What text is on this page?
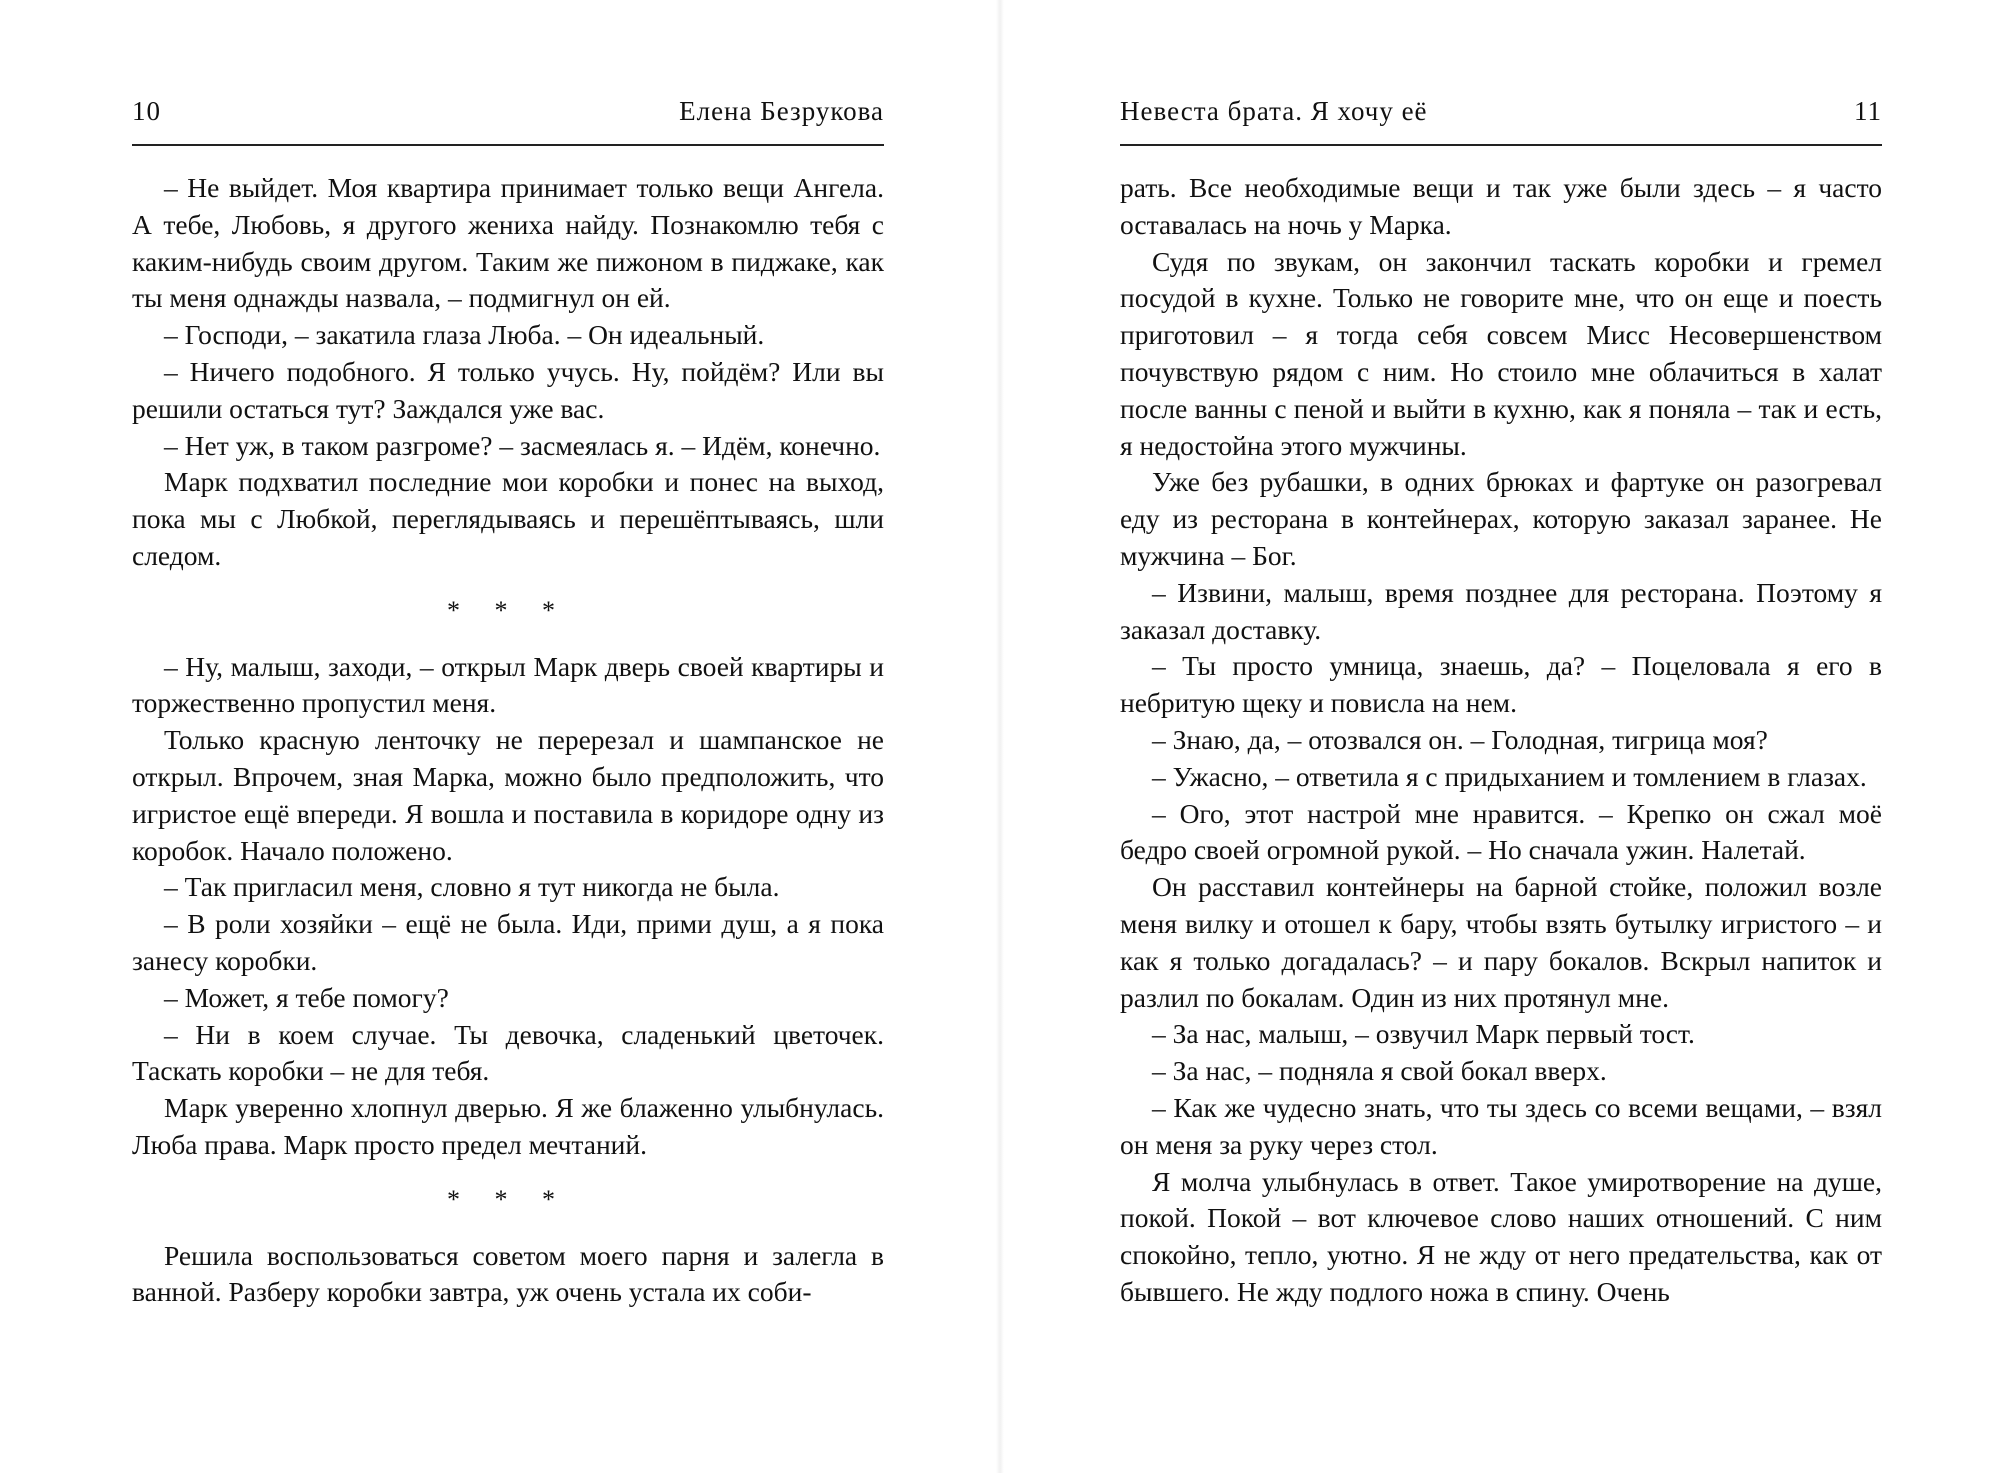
10	Елена Безрукова

– Не выйдет. Моя квартира принимает только вещи Ангела. А тебе, Любовь, я другого жениха найду. Познакомлю тебя с каким-нибудь своим другом. Таким же пижоном в пиджаке, как ты меня однажды назвала, – подмигнул он ей.

– Господи, – закатила глаза Люба. – Он идеальный.

– Ничего подобного. Я только учусь. Ну, пойдём? Или вы решили остаться тут? Заждался уже вас.

– Нет уж, в таком разгроме? – засмеялась я. – Идём, конечно.

Марк подхватил последние мои коробки и понес на выход, пока мы с Любкой, переглядываясь и перешёптываясь, шли следом.

* * *

– Ну, малыш, заходи, – открыл Марк дверь своей квартиры и торжественно пропустил меня.

Только красную ленточку не перерезал и шампанское не открыл. Впрочем, зная Марка, можно было предположить, что игристое ещё впереди. Я вошла и поставила в коридоре одну из коробок. Начало положено.

– Так пригласил меня, словно я тут никогда не была.

– В роли хозяйки – ещё не была. Иди, прими душ, а я пока занесу коробки.

– Может, я тебе помогу?

– Ни в коем случае. Ты девочка, сладенький цветочек. Таскать коробки – не для тебя.

Марк уверенно хлопнул дверью. Я же блаженно улыбнулась. Люба права. Марк просто предел мечтаний.

* * *

Решила воспользоваться советом моего парня и залегла в ванной. Разберу коробки завтра, уж очень устала их соби-

Невеста брата. Я хочу её	11

рать. Все необходимые вещи и так уже были здесь – я часто оставалась на ночь у Марка.

Судя по звукам, он закончил таскать коробки и гремел посудой в кухне. Только не говорите мне, что он еще и поесть приготовил – я тогда себя совсем Мисс Несовершенством почувствую рядом с ним. Но стоило мне облачиться в халат после ванны с пеной и выйти в кухню, как я поняла – так и есть, я недостойна этого мужчины.

Уже без рубашки, в одних брюках и фартуке он разогревал еду из ресторана в контейнерах, которую заказал заранее. Не мужчина – Бог.

– Извини, малыш, время позднее для ресторана. Поэтому я заказал доставку.

– Ты просто умница, знаешь, да? – Поцеловала я его в небритую щеку и повисла на нем.

– Знаю, да, – отозвался он. – Голодная, тигрица моя?

– Ужасно, – ответила я с придыханием и томлением в глазах.

– Ого, этот настрой мне нравится. – Крепко он сжал моё бедро своей огромной рукой. – Но сначала ужин. Налетай.

Он расставил контейнеры на барной стойке, положил возле меня вилку и отошел к бару, чтобы взять бутылку игристого – и как я только догадалась? – и пару бокалов. Вскрыл напиток и разлил по бокалам. Один из них протянул мне.

– За нас, малыш, – озвучил Марк первый тост.

– За нас, – подняла я свой бокал вверх.

– Как же чудесно знать, что ты здесь со всеми вещами, – взял он меня за руку через стол.

Я молча улыбнулась в ответ. Такое умиротворение на душе, покой. Покой – вот ключевое слово наших отношений. С ним спокойно, тепло, уютно. Я не жду от него предательства, как от бывшего. Не жду подлого ножа в спину. Очень
